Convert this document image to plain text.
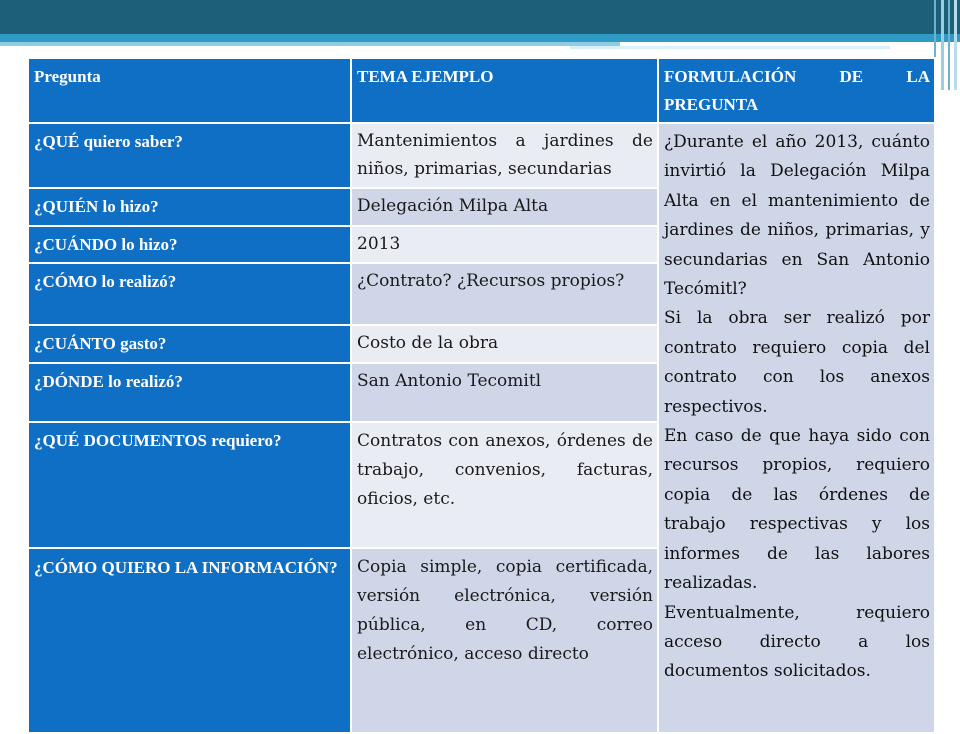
Pregunta	TEMA EJEMPLO	FORMULACIÓN DE LA PREGUNTA
¿QUÉ quiero saber?	Mantenimientos a jardines de niños, primarias, secundarias	¿Durante el año 2013, cuánto invirtió la Delegación Milpa Alta en el mantenimiento de jardines de niños, primarias, y secundarias en San Antonio Tecómitl?

Si la obra ser realizó por contrato requiero copia del contrato con los anexos respectivos.

En caso de que haya sido con recursos propios, requiero copia de las órdenes de trabajo respectivas y los informes de las labores realizadas.

Eventualmente, requiero acceso directo a los documentos solicitados.

¿QUIÉN lo hizo?	Delegación Milpa Alta	
¿CUÁNDO lo hizo?	2013	
¿CÓMO lo realizó?	¿Contrato? ¿Recursos propios?	
¿CUÁNTO gasto?	Costo de la obra	
¿DÓNDE lo realizó?	San Antonio Tecomitl	
¿QUÉ DOCUMENTOS requiero?	Contratos con anexos, órdenes de trabajo, convenios, facturas, oficios, etc.	
¿CÓMO QUIERO LA INFORMACIÓN?	Copia simple, copia certificada, versión electrónica, versión pública, en CD, correo electrónico, acceso directo	
